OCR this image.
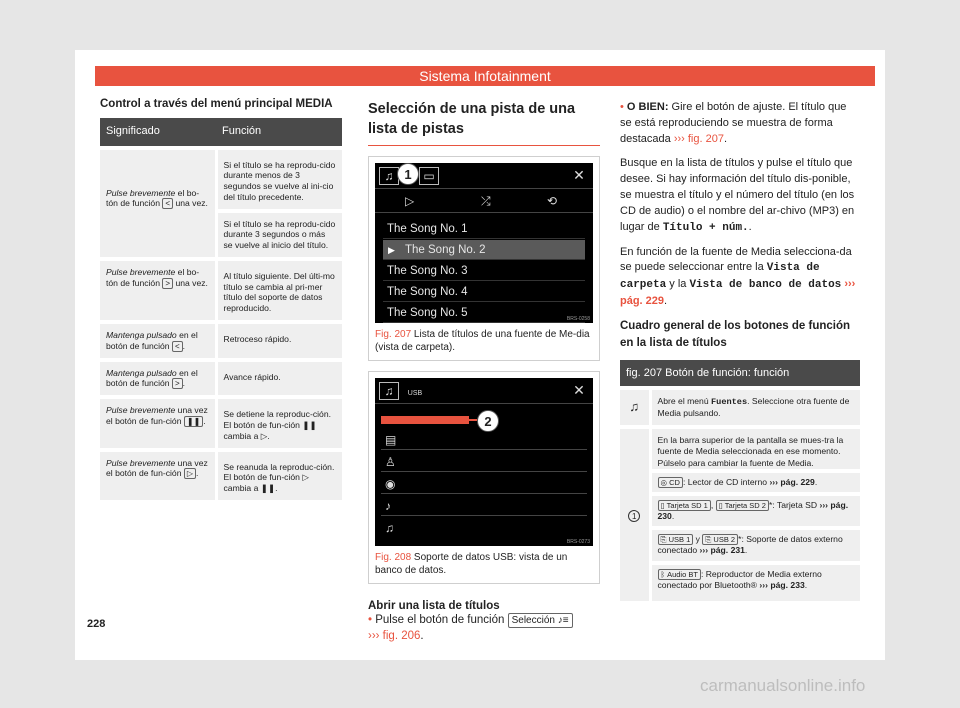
Sistema Infotainment
228
Control a través del menú principal MEDIA
Significado	Función
Pulse brevemente el bo-tón de función < una vez.	Si el título se ha reprodu-cido durante menos de 3 segundos se vuelve al ini-cio del título precedente.
Si el título se ha reprodu-cido durante 3 segundos o más se vuelve al inicio del título.

Pulse brevemente el bo-tón de función > una vez.	Al título siguiente. Del últi-mo título se cambia al pri-mer título del soporte de datos reproducido.

Mantenga pulsado en el botón de función < .	Retroceso rápido.

Mantenga pulsado en el botón de función > .	Avance rápido.

Pulse brevemente una vez el botón de fun-ción ❚❚ .	Se detiene la reproduc-ción. El botón de fun-ción ❚❚ cambia a ▷.

Pulse brevemente una vez el botón de fun-ción ▷ .	Se reanuda la reproduc-ción. El botón de fun-ción ▷ cambia a ❚❚.
Selección de una pista de una lista de pistas
♫	▭	✕
1
▷	⤮	⟲
The Song No. 1
▶ The Song No. 2
The Song No. 3
The Song No. 4
The Song No. 5	BRS-0258
Fig. 207 Lista de títulos de una fuente de Me-dia (vista de carpeta).
♫	USB	✕
2
▤
♙
◉
♪
♫
BRS-0273
Fig. 208 Soporte de datos USB: vista de un banco de datos.
Abrir una lista de títulos

• Pulse el botón de función Selección ♪≡
››› fig. 206.

• O BIEN: Gire el botón de ajuste. El título que se está reproduciendo se muestra de forma destacada ››› fig. 207.

Busque en la lista de títulos y pulse el título que desee. Si hay información del título dis-ponible, se muestra el título y el número del título (en los CD de audio) o el nombre del ar-chivo (MP3) en lugar de Título + núm..

En función de la fuente de Media selecciona-da se puede seleccionar entre la Vista de carpeta y la Vista de banco de datos ››› pág. 229.

Cuadro general de los botones de función en la lista de títulos
fig. 207 Botón de función: función	
♫	Abre el menú Fuentes. Seleccione otra fuente de Media pulsando.
1	En la barra superior de la pantalla se mues-tra la fuente de Media seleccionada en ese momento. Púlselo para cambiar la fuente de Media.
◎ CD : Lector de CD interno ››› pág. 229.
▯ Tarjeta SD 1 , ▯ Tarjeta SD 2 *: Tarjeta SD ››› pág. 230.
⎘ USB 1 y ⎘ USB 2 *: Soporte de datos externo conectado ››› pág. 231.
ᛒ Audio BT : Reproductor de Media externo conectado por Bluetooth® ››› pág. 233.
carmanualsonline.info
